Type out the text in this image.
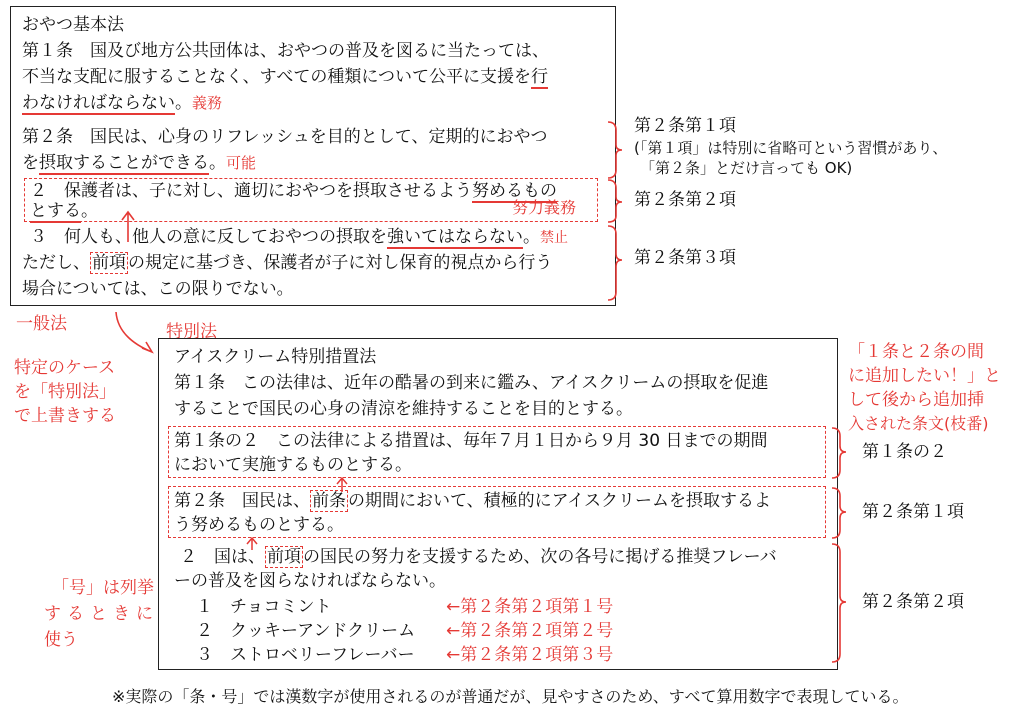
おやつ基本法
第１条　国及び地方公共団体は、おやつの普及を図るに当たっては、
不当な支配に服することなく、すべての種類について公平に支援を行
わなければならない。義務
第２条　国民は、心身のリフレッシュを目的として、定期的におやつ
を摂取することができる。可能
２　保護者は、子に対し、適切におやつを摂取させるよう努めるもの
とする。	努力義務
３　何人も、他人の意に反しておやつの摂取を強いてはならない。禁止
ただし、 前項 の規定に基づき、保護者が子に対し保育的視点から行う
場合については、この限りでない。
第２条第１項
(「第１項」は特別に省略可という習慣があり、
「第２条」とだけ言っても OK)
第２条第２項
第２条第３項
一般法	特別法
特定のケース
を「特別法」
で上書きする
「号」は列挙
するときに
使う
アイスクリーム特別措置法
第１条　この法律は、近年の酷暑の到来に鑑み、アイスクリームの摂取を促進
することで国民の心身の清涼を維持することを目的とする。
第１条の２　この法律による措置は、毎年７月１日から９月 30 日までの期間
において実施するものとする。
第２条　国民は、 前条 の期間において、積極的にアイスクリームを摂取するよ
う努めるものとする。
２　国は、 前項 の国民の努力を支援するため、次の各号に掲げる推奨フレーバ
ーの普及を図らなければならない。
１　チョコミント
２　クッキーアンドクリーム
３　ストロベリーフレーバー
←第２条第２項第１号
←第２条第２項第２号
←第２条第２項第３号
「１条と２条の間
に追加したい！」と
して後から追加挿
入された条文(枝番)
第１条の２
第２条第１項
第２条第２項
※実際の「条・号」では漢数字が使用されるのが普通だが、見やすさのため、すべて算用数字で表現している。
